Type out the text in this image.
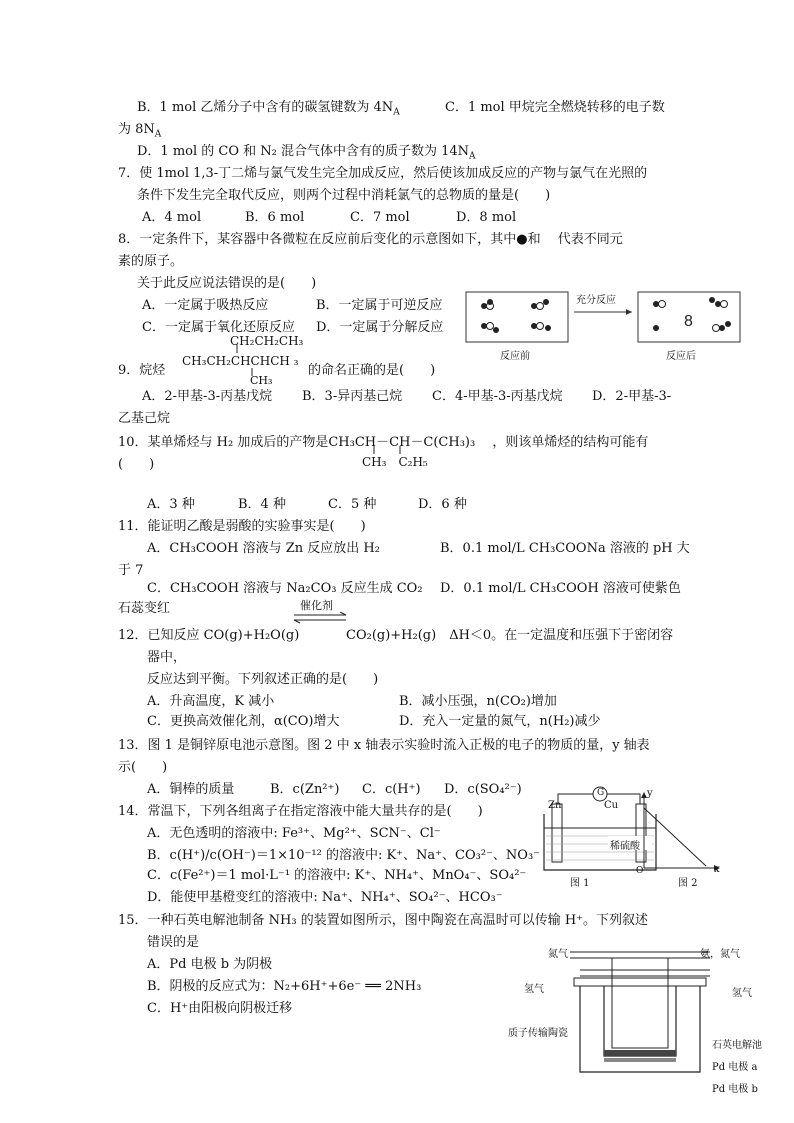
B．1 mol 乙烯分子中含有的碳氢键数为 $4N_A$	C．1 mol 甲烷完全燃烧转移的电子数
为 $8N_A$
D．1 mol 的 CO 和 N₂ 混合气体中含有的质子数为 $14N_A$
7．使 1mol 1,3-丁二烯与氯气发生完全加成反应，然后使该加成反应的产物与氯气在光照的
条件下发生完全取代反应，则两个过程中消耗氯气的总物质的量是(　　)
A．4 mol	B．6 mol	C．7 mol	D．8 mol
8．一定条件下，某容器中各微粒在反应前后变化的示意图如下，其中●和　 代表不同元
素的原子。
关于此反应说法错误的是(　　)
A．一定属于吸热反应	B．一定属于可逆反应
C．一定属于氧化还原反应 D．一定属于分解反应	8
充分反应
反应前	反应后
CH₂CH₂CH₃
CH₃CH₂CHCHCH ₃
CH₃
9．烷烃	的命名正确的是(　　)
A．2-甲基-3-丙基戊烷 B．3-异丙基己烷 C．4-甲基-3-丙基戊烷 D．2-甲基-3-
乙基己烷
10．某单烯烃与 H₂ 加成后的产物是CH₃CH－CH－C(CH₃)₃　 ，则该单烯烃的结构可能有
CH₃　C₂H₅
(　　)
A．3 种	B．4 种	C．5 种	D．6 种
11．能证明乙酸是弱酸的实验事实是(　　)
A．CH₃COOH 溶液与 Zn 反应放出 H₂	B．0.1 mol/L CH₃COONa 溶液的 pH 大
于 7
C．CH₃COOH 溶液与 Na₂CO₃ 反应生成 CO₂ D．0.1 mol/L CH₃COOH 溶液可使紫色
石蕊变红	催化剂
12．已知反应 CO(g)+H₂O(g)	CO₂(g)+H₂(g)　ΔH＜0。在一定温度和压强下于密闭容
器中，
反应达到平衡。下列叙述正确的是(　　)
A．升高温度，K 减小	B．减小压强，n(CO₂)增加
C．更换高效催化剂，α(CO)增大	D．充入一定量的氮气，n(H₂)减少
13．图 1 是铜锌原电池示意图。图 2 中 x 轴表示实验时流入正极的电子的物质的量，y 轴表
示(　　)
A．铜棒的质量	B．c(Zn²⁺) C．c(H⁺) D．c(SO₄²⁻)
14．常温下，下列各组离子在指定溶液中能大量共存的是(　　)
A．无色透明的溶液中: Fe³⁺、Mg²⁺、SCN⁻、Cl⁻
B．c(H⁺)/c(OH⁻)＝1×10⁻¹² 的溶液中: K⁺、Na⁺、CO₃²⁻、NO₃⁻
C．c(Fe²⁺)＝1 mol·L⁻¹ 的溶液中: K⁺、NH₄⁺、MnO₄⁻、SO₄²⁻
D．能使甲基橙变红的溶液中: Na⁺、NH₄⁺、SO₄²⁻、HCO₃⁻
Zn	Cu
G
稀硫酸
图 1
y
x
O
图 2
15．一种石英电解池制备 NH₃ 的装置如图所示，图中陶瓷在高温时可以传输 H⁺。下列叙述
错误的是
A．Pd 电极 b 为阴极
B．阴极的反应式为：N₂+6H⁺+6e⁻ ══ 2NH₃
C．H⁺由阳极向阴极迁移
氮气	氨，氮气
氢气	氢气
质子传输陶瓷
石英电解池
Pd 电极 a
Pd 电极 b
